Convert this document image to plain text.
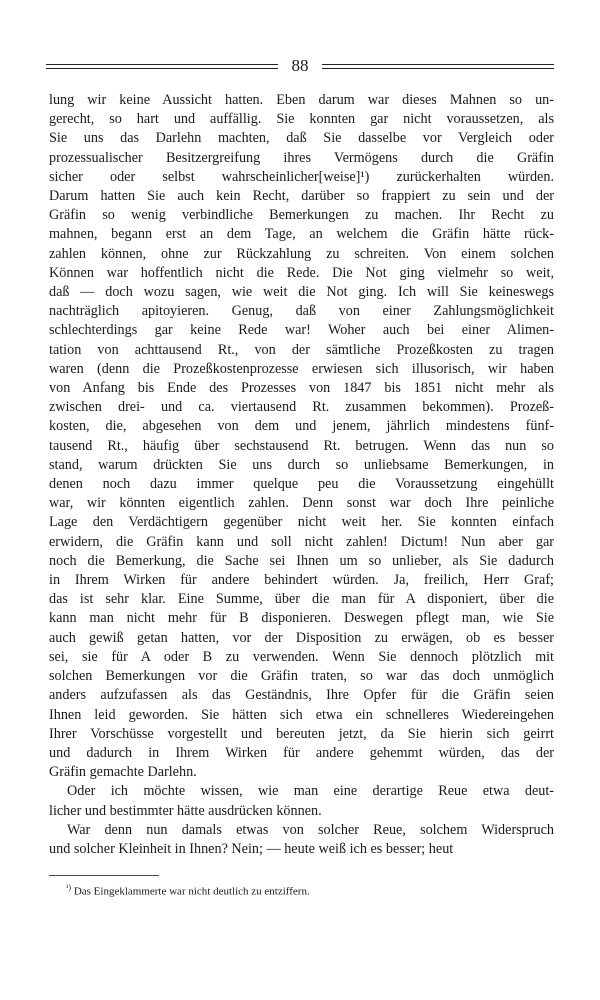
88

lung wir keine Aussicht hatten. Eben darum war dieses Mahnen so un-

gerecht, so hart und auffällig. Sie konnten gar nicht voraussetzen, als

Sie uns das Darlehn machten, daß Sie dasselbe vor Vergleich oder

prozessualischer Besitzergreifung ihres Vermögens durch die Gräfin

sicher oder selbst wahrscheinlicher[weise]¹) zurückerhalten würden.

Darum hatten Sie auch kein Recht, darüber so frappiert zu sein und der

Gräfin so wenig verbindliche Bemerkungen zu machen. Ihr Recht zu

mahnen, begann erst an dem Tage, an welchem die Gräfin hätte rück-

zahlen können, ohne zur Rückzahlung zu schreiten. Von einem solchen

Können war hoffentlich nicht die Rede. Die Not ging vielmehr so weit,

daß — doch wozu sagen, wie weit die Not ging. Ich will Sie keineswegs

nachträglich apitoyieren. Genug, daß von einer Zahlungsmöglichkeit

schlechterdings gar keine Rede war! Woher auch bei einer Alimen-

tation von achttausend Rt., von der sämtliche Prozeßkosten zu tragen

waren (denn die Prozeßkostenprozesse erwiesen sich illusorisch, wir haben

von Anfang bis Ende des Prozesses von 1847 bis 1851 nicht mehr als

zwischen drei- und ca. viertausend Rt. zusammen bekommen). Prozeß-

kosten, die, abgesehen von dem und jenem, jährlich mindestens fünf-

tausend Rt., häufig über sechstausend Rt. betrugen. Wenn das nun so

stand, warum drückten Sie uns durch so unliebsame Bemerkungen, in

denen noch dazu immer quelque peu die Voraussetzung eingehüllt

war, wir könnten eigentlich zahlen. Denn sonst war doch Ihre peinliche

Lage den Verdächtigern gegenüber nicht weit her. Sie konnten einfach

erwidern, die Gräfin kann und soll nicht zahlen! Dictum! Nun aber gar

noch die Bemerkung, die Sache sei Ihnen um so unlieber, als Sie dadurch

in Ihrem Wirken für andere behindert würden. Ja, freilich, Herr Graf;

das ist sehr klar. Eine Summe, über die man für A disponiert, über die

kann man nicht mehr für B disponieren. Deswegen pflegt man, wie Sie

auch gewiß getan hatten, vor der Disposition zu erwägen, ob es besser

sei, sie für A oder B zu verwenden. Wenn Sie dennoch plötzlich mit

solchen Bemerkungen vor die Gräfin traten, so war das doch unmöglich

anders aufzufassen als das Geständnis, Ihre Opfer für die Gräfin seien

Ihnen leid geworden. Sie hätten sich etwa ein schnelleres Wiedereingehen

Ihrer Vorschüsse vorgestellt und bereuten jetzt, da Sie hierin sich geirrt

und dadurch in Ihrem Wirken für andere gehemmt würden, das der

Gräfin gemachte Darlehn.

Oder ich möchte wissen, wie man eine derartige Reue etwa deut-

licher und bestimmter hätte ausdrücken können.

War denn nun damals etwas von solcher Reue, solchem Widerspruch

und solcher Kleinheit in Ihnen? Nein; — heute weiß ich es besser; heut

$^{^1)}$ Das Eingeklammerte war nicht deutlich zu entziffern.
